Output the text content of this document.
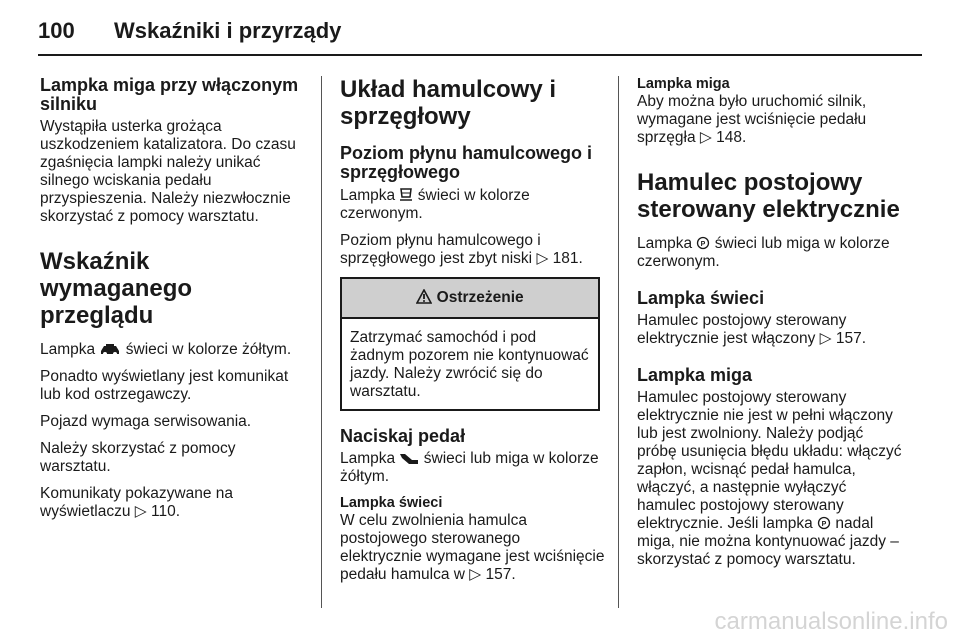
100 Wskaźniki i przyrządy
Lampka miga przy włączonym silniku

Wystąpiła usterka grożąca uszkodzeniem katalizatora. Do czasu zgaśnięcia lampki należy unikać silnego wciskania pedału przyspieszenia. Należy niezwłocznie skorzystać z pomocy warsztatu.

Wskaźnik wymaganego przeglądu

Lampka świeci w kolorze żółtym.

Ponadto wyświetlany jest komunikat lub kod ostrzegawczy.

Pojazd wymaga serwisowania.

Należy skorzystać z pomocy warsztatu.

Komunikaty pokazywane na wyświetlaczu ▷ 110.

Układ hamulcowy i sprzęgłowy
Poziom płynu hamulcowego i sprzęgłowego

Lampka świeci w kolorze czerwonym.

Poziom płynu hamulcowego i sprzęgłowego jest zbyt niski ▷ 181.

Ostrzeżenie
Zatrzymać samochód i pod żadnym pozorem nie kontynuować jazdy. Należy zwrócić się do warsztatu.
Naciskaj pedał

Lampka świeci lub miga w kolorze żółtym.

Lampka świeci

W celu zwolnienia hamulca postojowego sterowanego elektrycznie wymagane jest wciśnięcie pedału hamulca w ▷ 157.

Lampka miga

Aby można było uruchomić silnik, wymagane jest wciśnięcie pedału sprzęgła ▷ 148.

Hamulec postojowy sterowany elektrycznie

Lampka P świeci lub miga w kolorze czerwonym.

Lampka świeci

Hamulec postojowy sterowany elektrycznie jest włączony ▷ 157.

Lampka miga

Hamulec postojowy sterowany elektrycznie nie jest w pełni włączony lub jest zwolniony. Należy podjąć próbę usunięcia błędu układu: włączyć zapłon, wcisnąć pedał hamulca, włączyć, a następnie wyłączyć hamulec postojowy sterowany elektrycznie. Jeśli lampka P nadal miga, nie można kontynuować jazdy – skorzystać z pomocy warsztatu.

carmanualsonline.info
